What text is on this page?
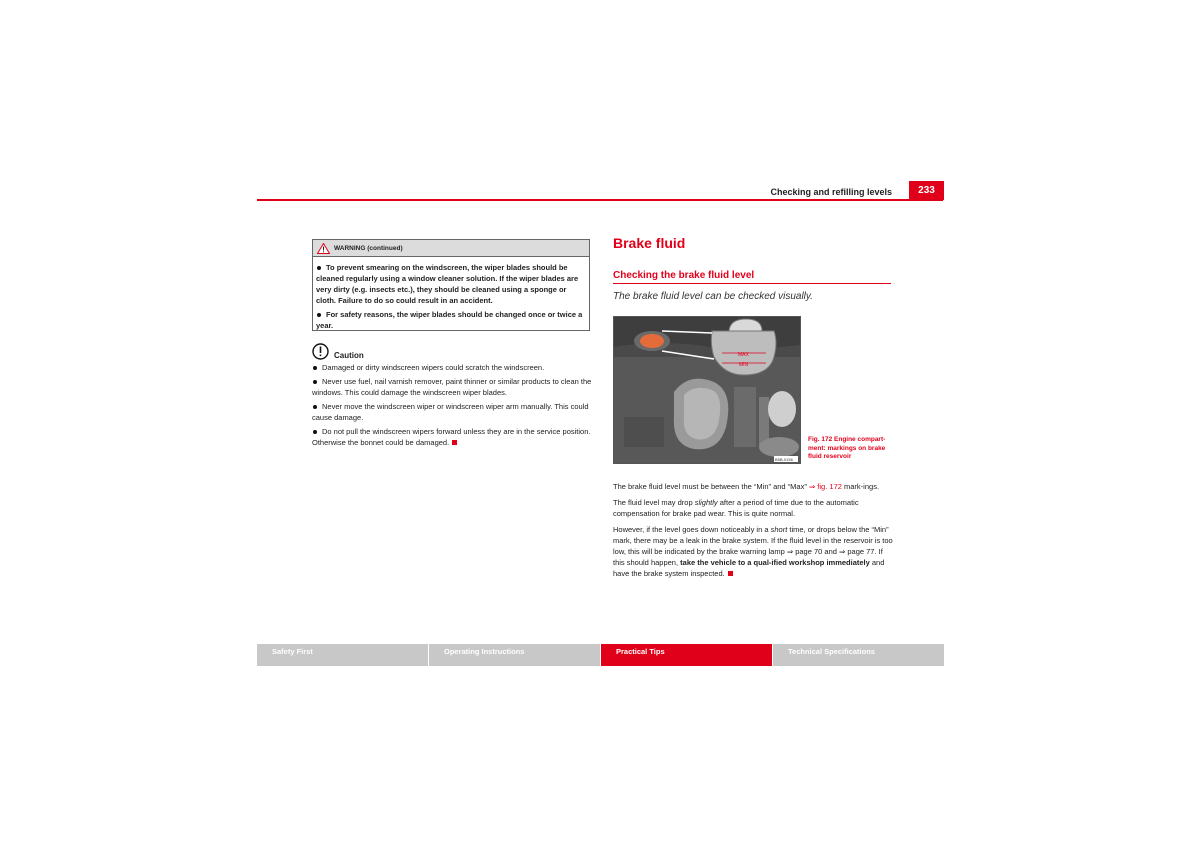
Checking and refilling levels	233
WARNING (continued)

To prevent smearing on the windscreen, the wiper blades should be cleaned regularly using a window cleaner solution. If the wiper blades are very dirty (e.g. insects etc.), they should be cleaned using a sponge or cloth. Failure to do so could result in an accident.

For safety reasons, the wiper blades should be changed once or twice a year.

Caution

Damaged or dirty windscreen wipers could scratch the windscreen.

Never use fuel, nail varnish remover, paint thinner or similar products to clean the windows. This could damage the windscreen wiper blades.

Never move the windscreen wiper or windscreen wiper arm manually. This could cause damage.

Do not pull the windscreen wipers forward unless they are in the service position. Otherwise the bonnet could be damaged.

Brake fluid
Checking the brake fluid level
The brake fluid level can be checked visually.
MAX
MIN
B5B-0156
Fig. 172 Engine compart-ment: markings on brake fluid reservoir

The brake fluid level must be between the “Min” and “Max” ⇒ fig. 172 mark-ings.

The fluid level may drop slightly after a period of time due to the automatic compensation for brake pad wear. This is quite normal.

However, if the level goes down noticeably in a short time, or drops below the “Min” mark, there may be a leak in the brake system. If the fluid level in the reservoir is too low, this will be indicated by the brake warning lamp ⇒ page 70 and ⇒ page 77. If this should happen, take the vehicle to a qual-ified workshop immediately and have the brake system inspected.

Safety First	Operating Instructions	Practical Tips	Technical Specifications
